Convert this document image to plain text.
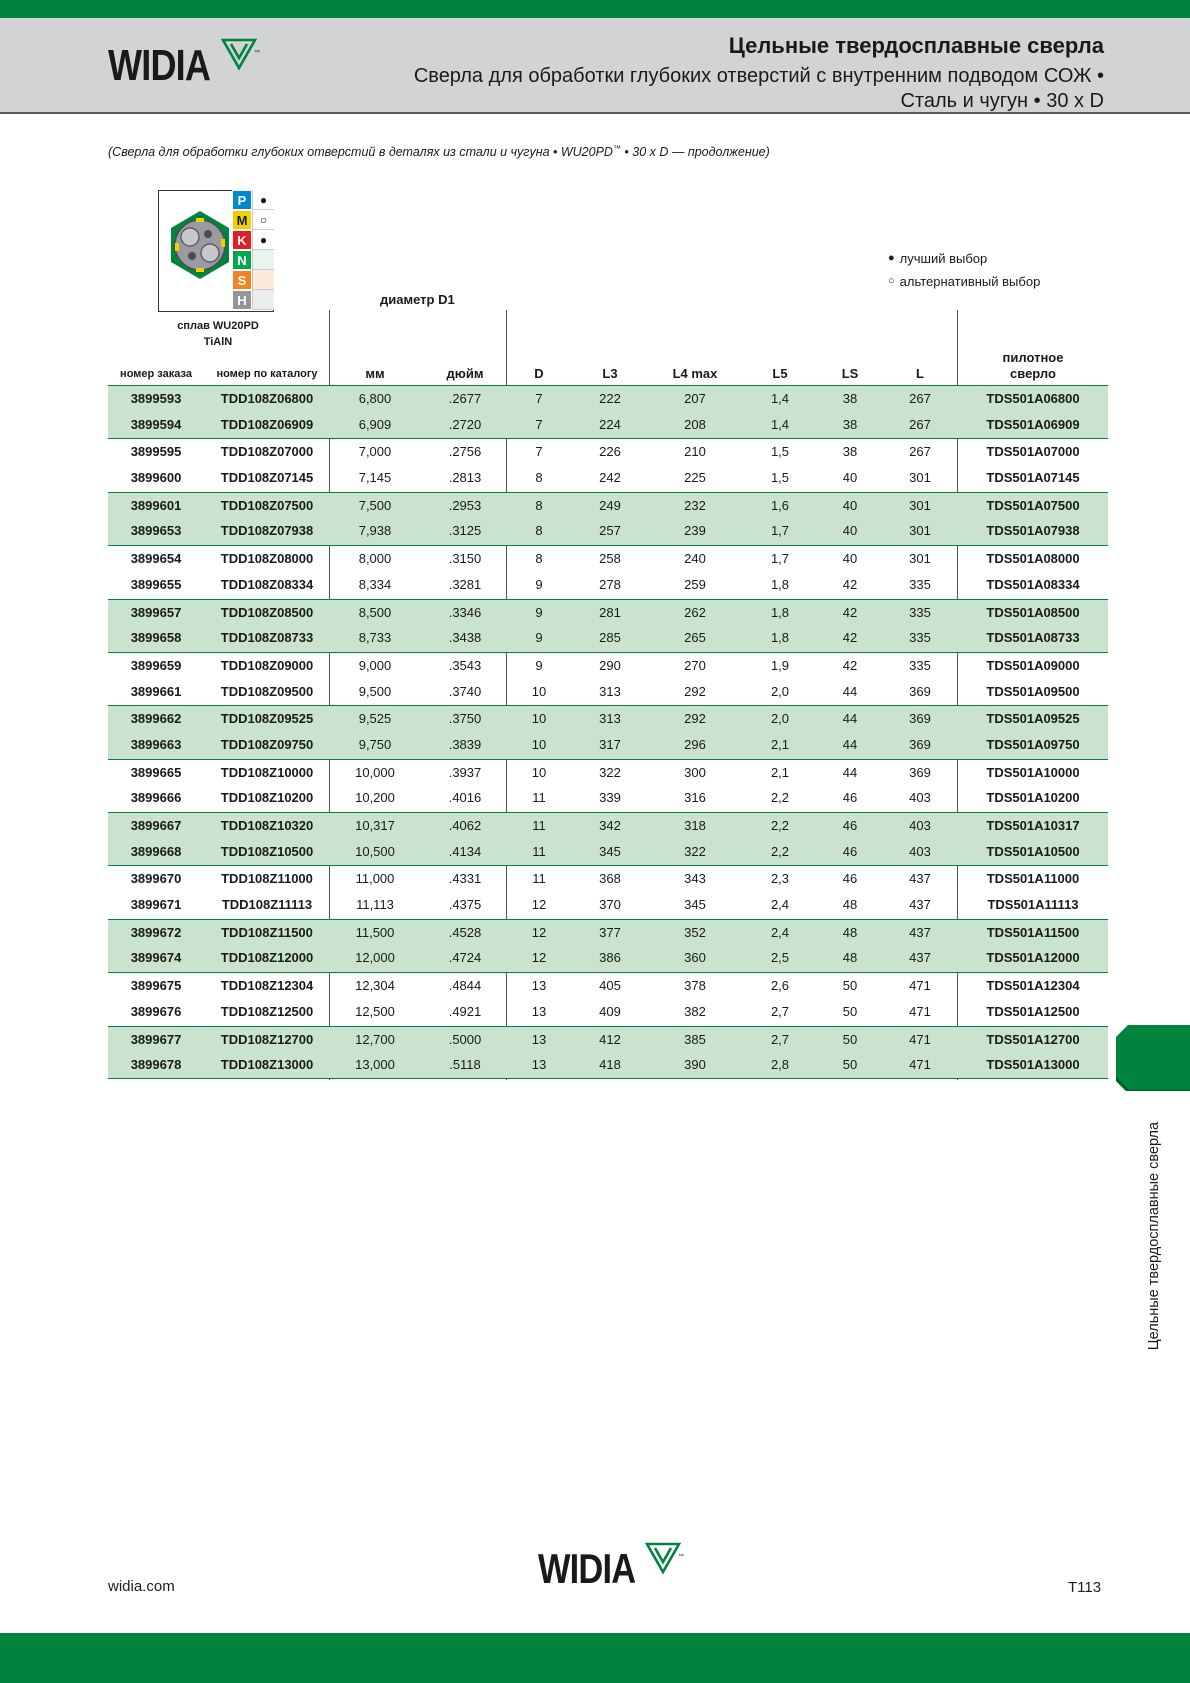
WIDIA	™	Цельные твердосплавные сверла
Сверла для обработки глубоких отверстий с внутренним подводом СОЖ •
Сталь и чугун • 30 x D
(Сверла для обработки глубоких отверстий в деталях из стали и чугуна • WU20PD™ • 30 x D — продолжение)
P	●
M	○
K	●
N
S
H
сплав WU20PD
TiAlN
● лучший выбор
○ альтернативный выбор
диаметр D1
номер заказа	номер по каталогу	мм	дюйм	D	L3	L4 max	L5	LS	L
пилотное
сверло
3899593	TDD108Z06800	6,800	.2677	7	222	207	1,4	38	267	TDS501A06800
3899594	TDD108Z06909	6,909	.2720	7	224	208	1,4	38	267	TDS501A06909
3899595	TDD108Z07000	7,000	.2756	7	226	210	1,5	38	267	TDS501A07000
3899600	TDD108Z07145	7,145	.2813	8	242	225	1,5	40	301	TDS501A07145
3899601	TDD108Z07500	7,500	.2953	8	249	232	1,6	40	301	TDS501A07500
3899653	TDD108Z07938	7,938	.3125	8	257	239	1,7	40	301	TDS501A07938
3899654	TDD108Z08000	8,000	.3150	8	258	240	1,7	40	301	TDS501A08000
3899655	TDD108Z08334	8,334	.3281	9	278	259	1,8	42	335	TDS501A08334
3899657	TDD108Z08500	8,500	.3346	9	281	262	1,8	42	335	TDS501A08500
3899658	TDD108Z08733	8,733	.3438	9	285	265	1,8	42	335	TDS501A08733
3899659	TDD108Z09000	9,000	.3543	9	290	270	1,9	42	335	TDS501A09000
3899661	TDD108Z09500	9,500	.3740	10	313	292	2,0	44	369	TDS501A09500
3899662	TDD108Z09525	9,525	.3750	10	313	292	2,0	44	369	TDS501A09525
3899663	TDD108Z09750	9,750	.3839	10	317	296	2,1	44	369	TDS501A09750
3899665	TDD108Z10000	10,000	.3937	10	322	300	2,1	44	369	TDS501A10000
3899666	TDD108Z10200	10,200	.4016	11	339	316	2,2	46	403	TDS501A10200
3899667	TDD108Z10320	10,317	.4062	11	342	318	2,2	46	403	TDS501A10317
3899668	TDD108Z10500	10,500	.4134	11	345	322	2,2	46	403	TDS501A10500
3899670	TDD108Z11000	11,000	.4331	11	368	343	2,3	46	437	TDS501A11000
3899671	TDD108Z11113	11,113	.4375	12	370	345	2,4	48	437	TDS501A11113
3899672	TDD108Z11500	11,500	.4528	12	377	352	2,4	48	437	TDS501A11500
3899674	TDD108Z12000	12,000	.4724	12	386	360	2,5	48	437	TDS501A12000
3899675	TDD108Z12304	12,304	.4844	13	405	378	2,6	50	471	TDS501A12304
3899676	TDD108Z12500	12,500	.4921	13	409	382	2,7	50	471	TDS501A12500
3899677	TDD108Z12700	12,700	.5000	13	412	385	2,7	50	471	TDS501A12700
3899678	TDD108Z13000	13,000	.5118	13	418	390	2,8	50	471	TDS501A13000
Цельные твердосплавные сверла
widia.com	WIDIA	™
T113
